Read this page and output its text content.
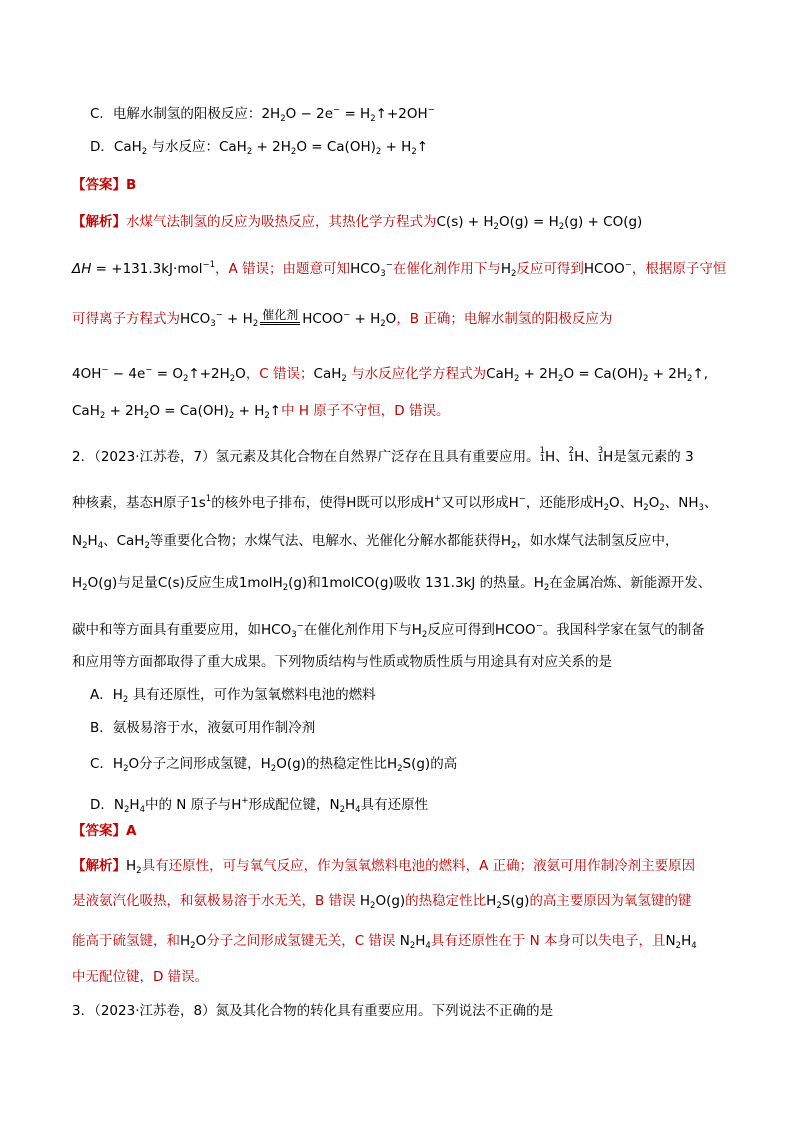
C．电解水制氢的阳极反应：$2H_2O - 2e^-$ = $H_2↑+2OH^-$
D．CaH$_2$ 与水反应：$CaH_2 + 2H_2O = Ca(OH)_2$ + $H_2↑$
【答案】B
【解析】水煤气法制氢的反应为吸热反应，其热化学方程式为$C(s) + H_2O(g) = H_2(g) + CO(g)$
ΔH = +131.3kJ·mol$^{-1}$，A 错误；由题意可知$HCO_3^-$在催化剂作用下与$H_2$反应可得到HCOO−，根据原子守恒
可得离子方程式为$HCO_3^- + H_2$
催化剂 HCOO− + $H_2O$，B 正确；电解水制氢的阳极反应为
$4OH^- - 4e^- = O_2↑+2H_2O$，C 错误；CaH$_2$ 与水反应化学方程式为$CaH_2 + 2H_2O = Ca(OH)_2$ + $2H_2↑$,
$CaH_2 + 2H_2O = Ca(OH)_2$ + $H_2↑$中 H 原子不守恒，D 错误。
2．（2023·江苏卷，7）氢元素及其化合物在自然界广泛存在且具有重要应用。1
1H、2
1H、3
1H是氢元素的 3
种核素，基态H原子$1s^1$的核外电子排布，使得H既可以形成H+又可以形成H−，还能形成$H_2O$、$H_2O_2$、$NH_3$、
$N_2H_4$、CaH$_2$等重要化合物；水煤气法、电解水、光催化分解水都能获得$H_2$，如水煤气法制氢反应中，
$H_2O(g)$与足量C(s)反应生成1molH$_2$(g)和1molCO(g)吸收 131.3kJ 的热量。$H_2$在金属冶炼、新能源开发、
碳中和等方面具有重要应用，如$HCO_3^-$在催化剂作用下与$H_2$反应可得到HCOO−。我国科学家在氢气的制备
和应用等方面都取得了重大成果。下列物质结构与性质或物质性质与用途具有对应关系的是
A．$H_2$ 具有还原性，可作为氢氧燃料电池的燃料
B．氨极易溶于水，液氨可用作制冷剂
C．$H_2O$分子之间形成氢键，$H_2O(g)$的热稳定性比$H_2S(g)$的高
D．$N_2H_4$中的 N 原子与H+形成配位键，$N_2H_4$具有还原性
【答案】A
【解析】$H_2$具有还原性，可与氧气反应，作为氢氧燃料电池的燃料，A 正确；液氨可用作制冷剂主要原因
是液氨汽化吸热，和氨极易溶于水无关，B 错误 $H_2O(g)$的热稳定性比$H_2S(g)$的高主要原因为氧氢键的键
能高于硫氢键，和$H_2O$分子之间形成氢键无关，C 错误 $N_2H_4$具有还原性在于 N 本身可以失电子，且$N_2H_4$
中无配位键，D 错误。
3．（2023·江苏卷，8）氮及其化合物的转化具有重要应用。下列说法不正确的是
